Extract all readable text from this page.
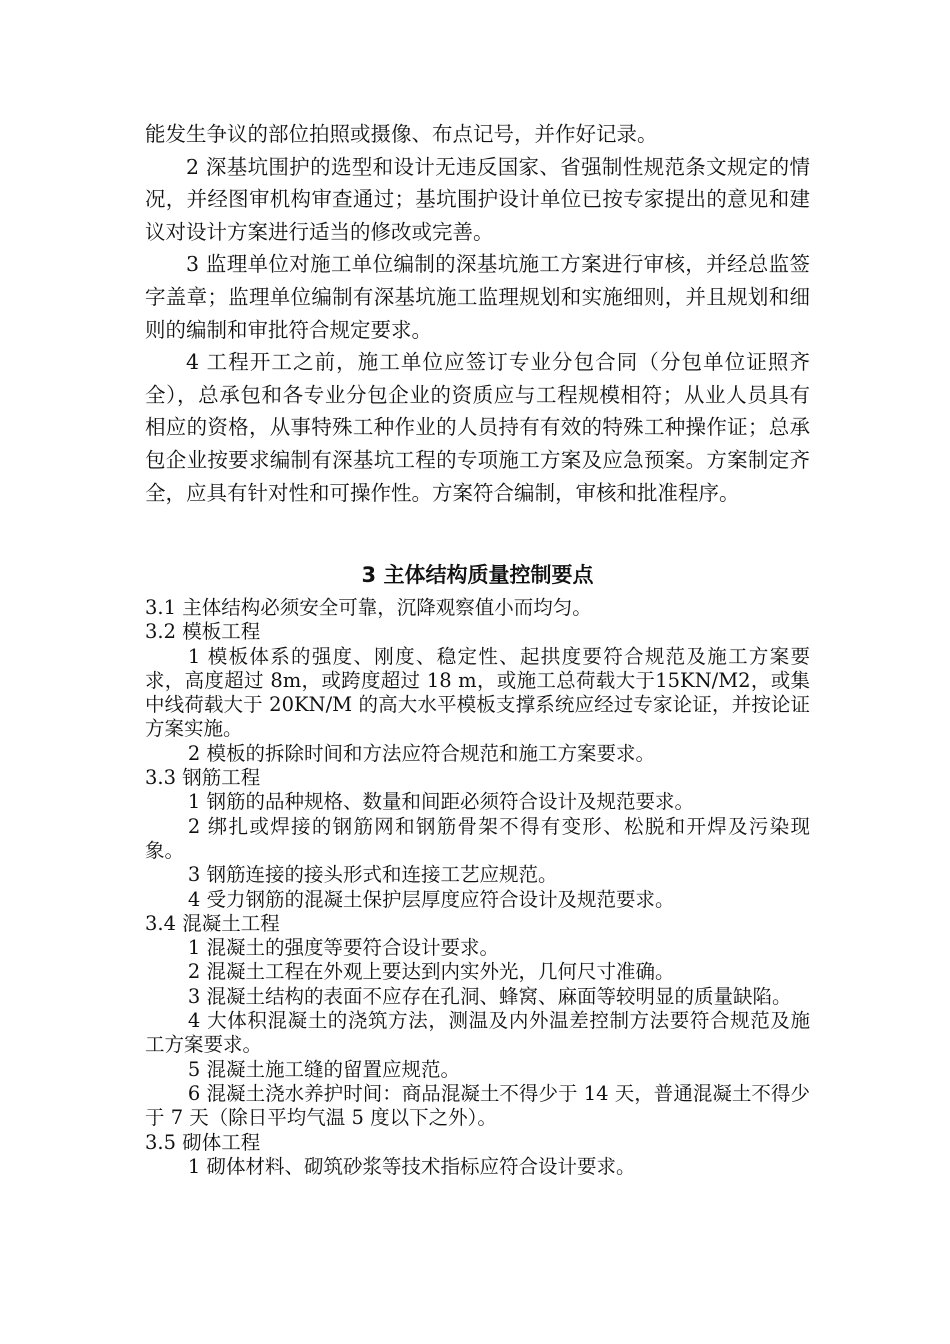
能发生争议的部位拍照或摄像、布点记号，并作好记录。

2 深基坑围护的选型和设计无违反国家、省强制性规范条文规定的情况，并经图审机构审查通过；基坑围护设计单位已按专家提出的意见和建议对设计方案进行适当的修改或完善。

3 监理单位对施工单位编制的深基坑施工方案进行审核，并经总监签字盖章；监理单位编制有深基坑施工监理规划和实施细则，并且规划和细则的编制和审批符合规定要求。

4 工程开工之前，施工单位应签订专业分包合同（分包单位证照齐全），总承包和各专业分包企业的资质应与工程规模相符；从业人员具有相应的资格，从事特殊工种作业的人员持有有效的特殊工种操作证；总承包企业按要求编制有深基坑工程的专项施工方案及应急预案。方案制定齐全，应具有针对性和可操作性。方案符合编制，审核和批准程序。

3 主体结构质量控制要点

3.1 主体结构必须安全可靠，沉降观察值小而均匀。

3.2 模板工程

1 模板体系的强度、刚度、稳定性、起拱度要符合规范及施工方案要求，高度超过 8m，或跨度超过 18 m，或施工总荷载大于15KN/M2，或集中线荷载大于 20KN/M 的高大水平模板支撑系统应经过专家论证，并按论证方案实施。

2 模板的拆除时间和方法应符合规范和施工方案要求。

3.3 钢筋工程

1 钢筋的品种规格、数量和间距必须符合设计及规范要求。

2 绑扎或焊接的钢筋网和钢筋骨架不得有变形、松脱和开焊及污染现象。

3 钢筋连接的接头形式和连接工艺应规范。

4 受力钢筋的混凝土保护层厚度应符合设计及规范要求。

3.4 混凝土工程

1 混凝土的强度等要符合设计要求。

2 混凝土工程在外观上要达到内实外光，几何尺寸准确。

3 混凝土结构的表面不应存在孔洞、蜂窝、麻面等较明显的质量缺陷。

4 大体积混凝土的浇筑方法，测温及内外温差控制方法要符合规范及施工方案要求。

5 混凝土施工缝的留置应规范。

6 混凝土浇水养护时间：商品混凝土不得少于 14 天，普通混凝土不得少于 7 天（除日平均气温 5 度以下之外）。

3.5 砌体工程

1 砌体材料、砌筑砂浆等技术指标应符合设计要求。
